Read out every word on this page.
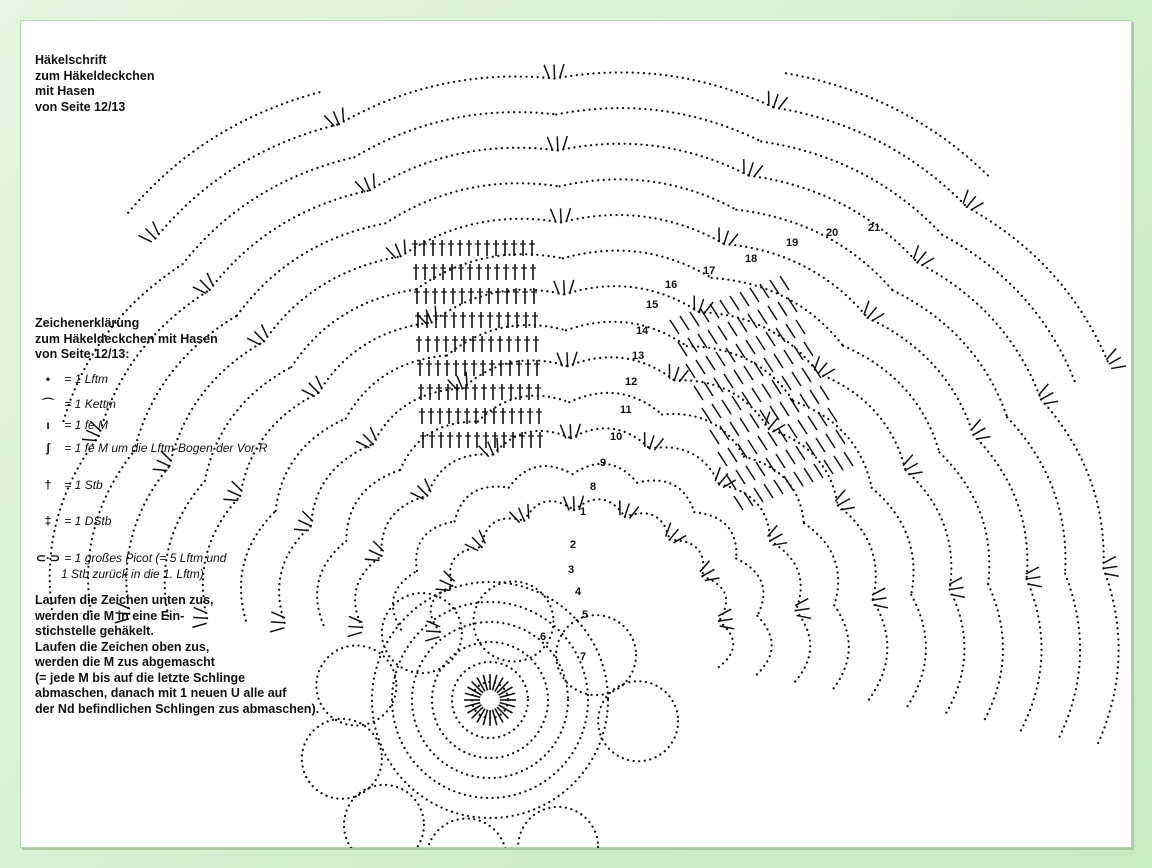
1
2
3
4
5
6
7
8
9
10
11
12
13
14
15
16
17
18
19
20	21
Häkelschrift
zum Häkeldeckchen
mit Hasen
von Seite 12/13
Zeichenerklärung
zum Häkeldeckchen mit Hasen
von Seite 12/13:
• = 1 Lftm
⌒ = 1 Kettm
ı = 1 fe M
ʃ = 1 fe M um die Lftm-Bogen der Vor-R
† = 1 Stb
‡ = 1 DStb
⊂·⊃ = 1 großes Picot (= 5 Lftm und
1 Stb zurück in die 1. Lftm)
Laufen die Zeichen unten zus,
werden die M in eine Ein-
stichstelle gehäkelt.
Laufen die Zeichen oben zus,
werden die M zus abgemascht
(= jede M bis auf die letzte Schlinge
abmaschen, danach mit 1 neuen U alle auf
der Nd befindlichen Schlingen zus abmaschen).
